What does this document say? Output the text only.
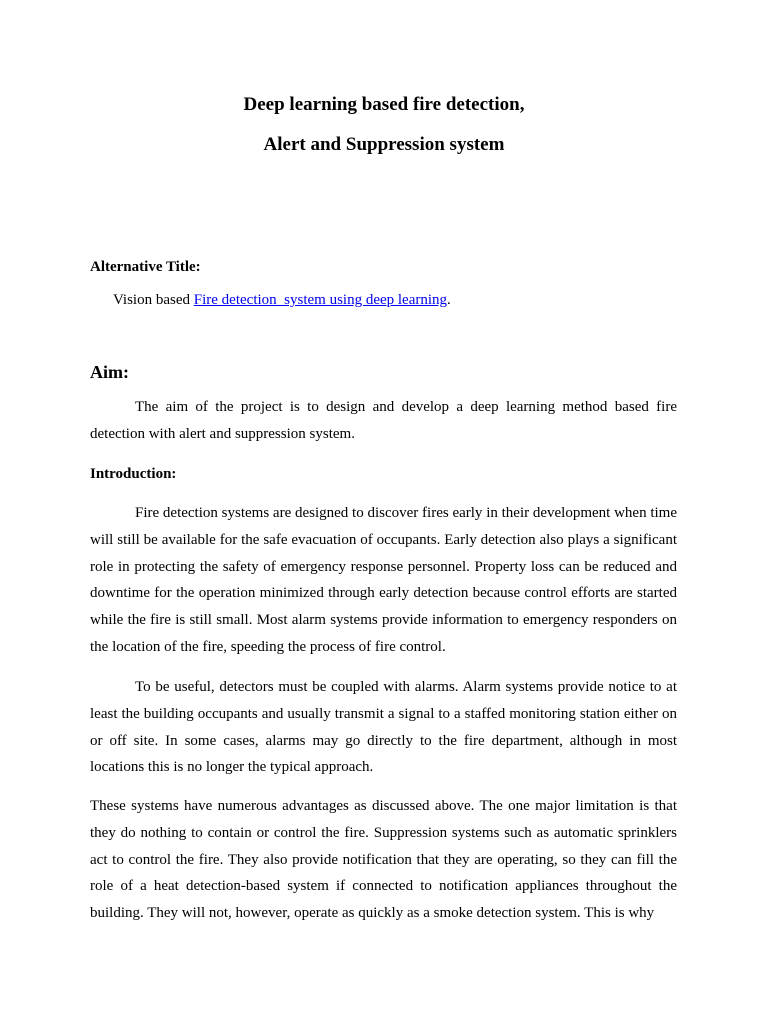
Deep learning based fire detection,
Alert and Suppression system

Alternative Title:

Vision based Fire detection  system using deep learning.

Aim:

The aim of the project is to design and develop a deep learning method based fire detection with alert and suppression system.

Introduction:

Fire detection systems are designed to discover fires early in their development when time will still be available for the safe evacuation of occupants. Early detection also plays a significant role in protecting the safety of emergency response personnel. Property loss can be reduced and downtime for the operation minimized through early detection because control efforts are started while the fire is still small. Most alarm systems provide information to emergency responders on the location of the fire, speeding the process of fire control.

To be useful, detectors must be coupled with alarms. Alarm systems provide notice to at least the building occupants and usually transmit a signal to a staffed monitoring station either on or off site. In some cases, alarms may go directly to the fire department, although in most locations this is no longer the typical approach.

These systems have numerous advantages as discussed above. The one major limitation is that they do nothing to contain or control the fire. Suppression systems such as automatic sprinklers act to control the fire. They also provide notification that they are operating, so they can fill the role of a heat detection-based system if connected to notification appliances throughout the building. They will not, however, operate as quickly as a smoke detection system. This is why
